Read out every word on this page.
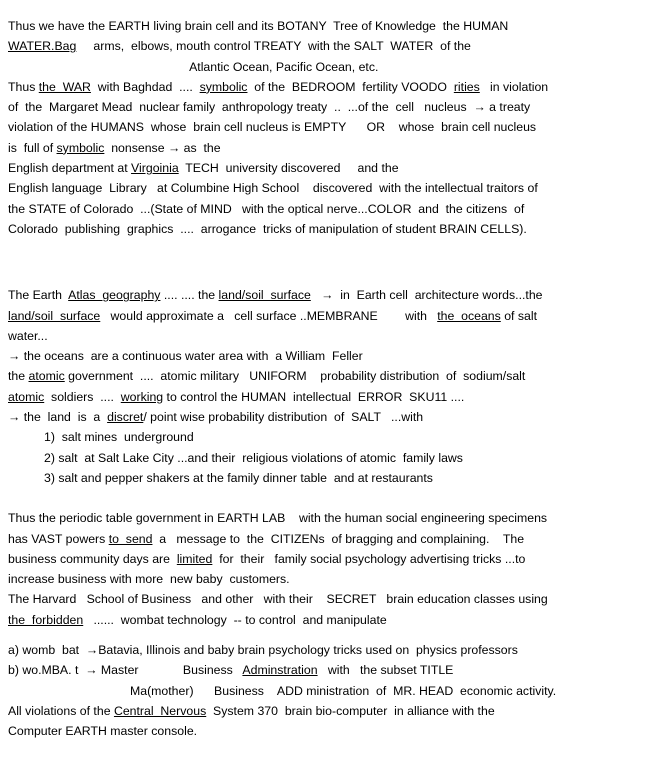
Thus we have the EARTH living brain cell and its BOTANY  Tree of Knowledge  the HUMAN
WATER.Bag     arms,  elbows, mouth control TREATY  with the SALT  WATER  of the
Atlantic Ocean, Pacific Ocean, etc.

Thus the  WAR  with Baghdad  ....  symbolic  of the  BEDROOM  fertility VOODO  rities   in violation
of  the  Margaret Mead  nuclear family  anthropology treaty  ..  ...of the  cell   nucleus  → a treaty
violation of the HUMANS  whose  brain cell nucleus is EMPTY      OR    whose  brain cell nucleus
is  full of symbolic  nonsense → as  the
English department at Virgoinia  TECH  university discovered     and the
English language  Library   at Columbine High School    discovered  with the intellectual traitors of
the STATE of Colorado  ...(State of MIND   with the optical nerve...COLOR  and  the citizens  of
Colorado  publishing  graphics  ....  arrogance  tricks of manipulation of student BRAIN CELLS).

The Earth  Atlas  geography .... .... the land/soil  surface   →  in  Earth cell  architecture words...the
land/soil  surface   would approximate a   cell surface ..MEMBRANE        with   the  oceans of salt
water...
→ the oceans  are a continuous water area with  a William  Feller
the atomic government  ....  atomic military   UNIFORM    probability distribution  of  sodium/salt
atomic  soldiers  ....  working to control the HUMAN  intellectual  ERROR  SKU11 ....
→ the  land  is  a  discret/ point wise probability distribution  of  SALT   ...with

1)  salt mines  underground

2) salt  at Salt Lake City ...and their  religious violations of atomic  family laws

3) salt and pepper shakers at the family dinner table  and at restaurants

Thus the periodic table government in EARTH LAB    with the human social engineering specimens
has VAST powers to  send  a   message to  the  CITIZENs  of bragging and complaining.    The
business community days are  limited  for  their   family social psychology advertising tricks ...to
increase business with more  new baby  customers.
The Harvard   School of Business   and other   with their    SECRET   brain education classes using
the  forbidden   ......  wombat technology  -- to control  and manipulate

a) womb  bat  →Batavia, Illinois and baby brain psychology tricks used on  physics professors
b) wo.MBA. t  → Master             Business   Adminstration   with   the subset TITLE

Ma(mother)      Business    ADD ministration  of  MR. HEAD  economic activity.

All violations of the Central  Nervous  System 370  brain bio-computer  in alliance with the
Computer EARTH master console.
